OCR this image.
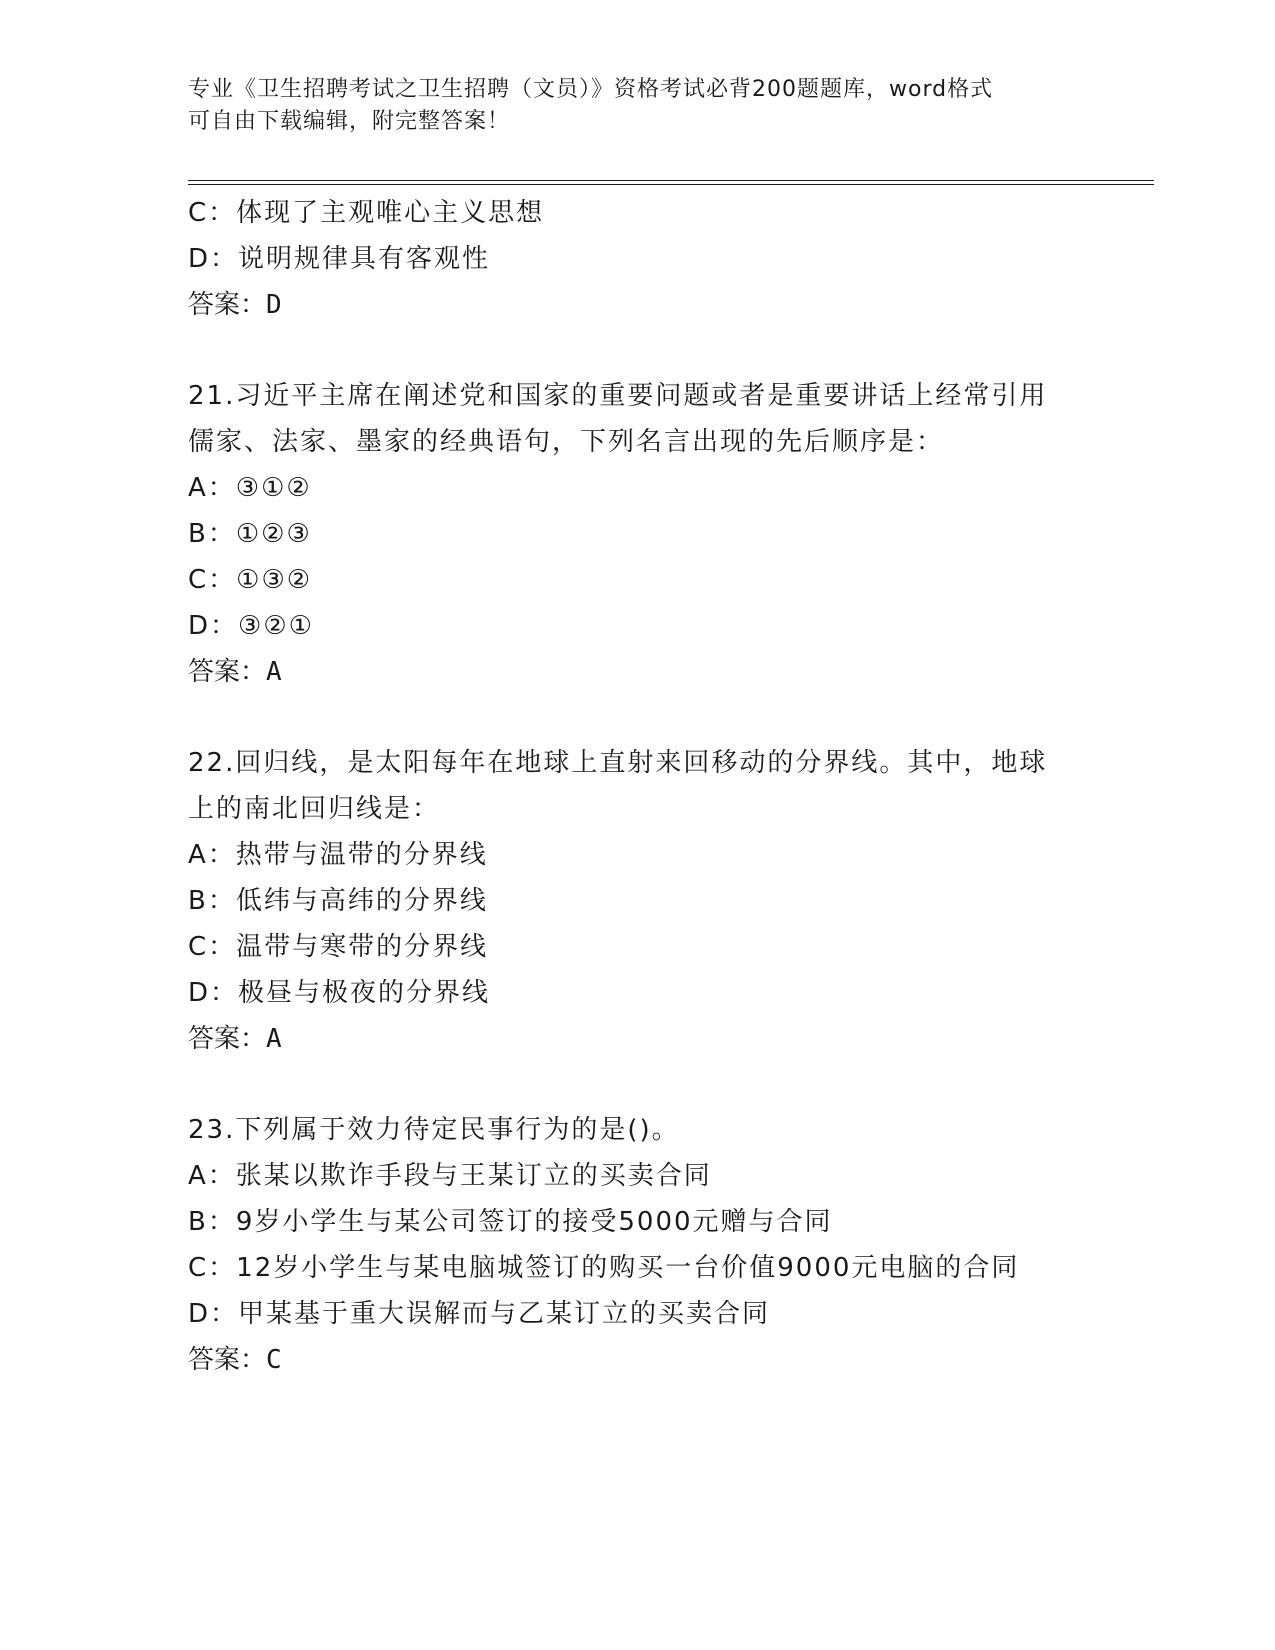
专业《卫生招聘考试之卫生招聘（文员）》资格考试必背200题题库，word格式
可自由下载编辑，附完整答案！
C：体现了主观唯心主义思想
D：说明规律具有客观性
答案：D
21.习近平主席在阐述党和国家的重要问题或者是重要讲话上经常引用
儒家、法家、墨家的经典语句，下列名言出现的先后顺序是：
A：③①②
B：①②③
C：①③②
D：③②①
答案：A
22.回归线，是太阳每年在地球上直射来回移动的分界线。其中，地球
上的南北回归线是：
A：热带与温带的分界线
B：低纬与高纬的分界线
C：温带与寒带的分界线
D：极昼与极夜的分界线
答案：A
23.下列属于效力待定民事行为的是()。
A：张某以欺诈手段与王某订立的买卖合同
B：9岁小学生与某公司签订的接受5000元赠与合同
C：12岁小学生与某电脑城签订的购买一台价值9000元电脑的合同
D：甲某基于重大误解而与乙某订立的买卖合同
答案：C
